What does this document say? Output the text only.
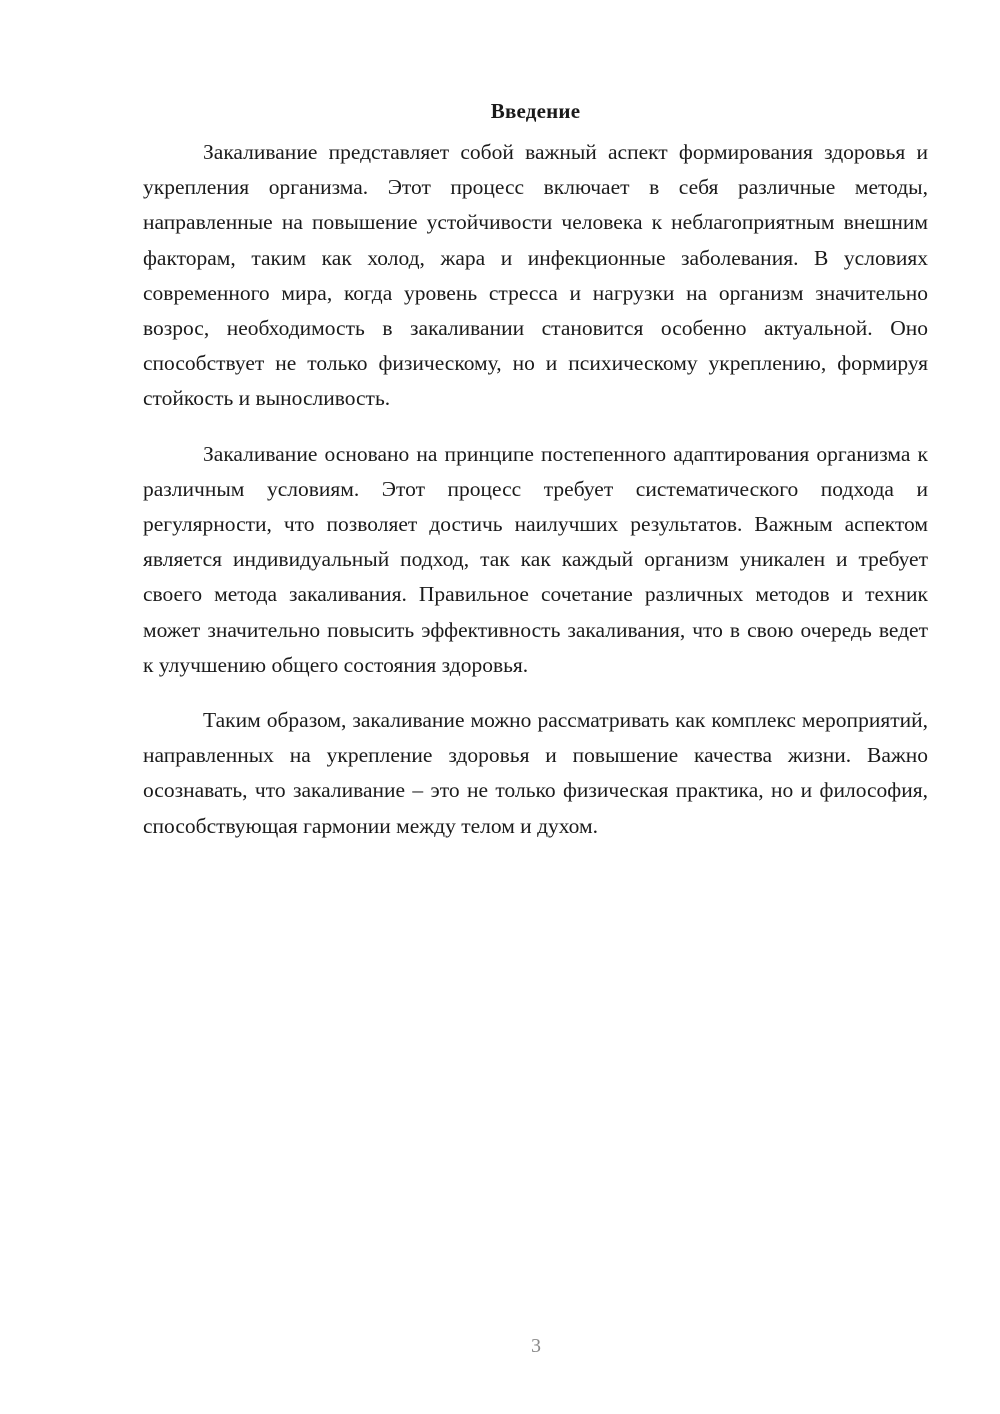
Введение

Закаливание представляет собой важный аспект формирования здоровья и укрепления организма. Этот процесс включает в себя различные методы, направленные на повышение устойчивости человека к неблагоприятным внешним факторам, таким как холод, жара и инфекционные заболевания. В условиях современного мира, когда уровень стресса и нагрузки на организм значительно возрос, необходимость в закаливании становится особенно актуальной. Оно способствует не только физическому, но и психическому укреплению, формируя стойкость и выносливость.

Закаливание основано на принципе постепенного адаптирования организма к различным условиям. Этот процесс требует систематического подхода и регулярности, что позволяет достичь наилучших результатов. Важным аспектом является индивидуальный подход, так как каждый организм уникален и требует своего метода закаливания. Правильное сочетание различных методов и техник может значительно повысить эффективность закаливания, что в свою очередь ведет к улучшению общего состояния здоровья.

Таким образом, закаливание можно рассматривать как комплекс мероприятий, направленных на укрепление здоровья и повышение качества жизни. Важно осознавать, что закаливание – это не только физическая практика, но и философия, способствующая гармонии между телом и духом.

3
